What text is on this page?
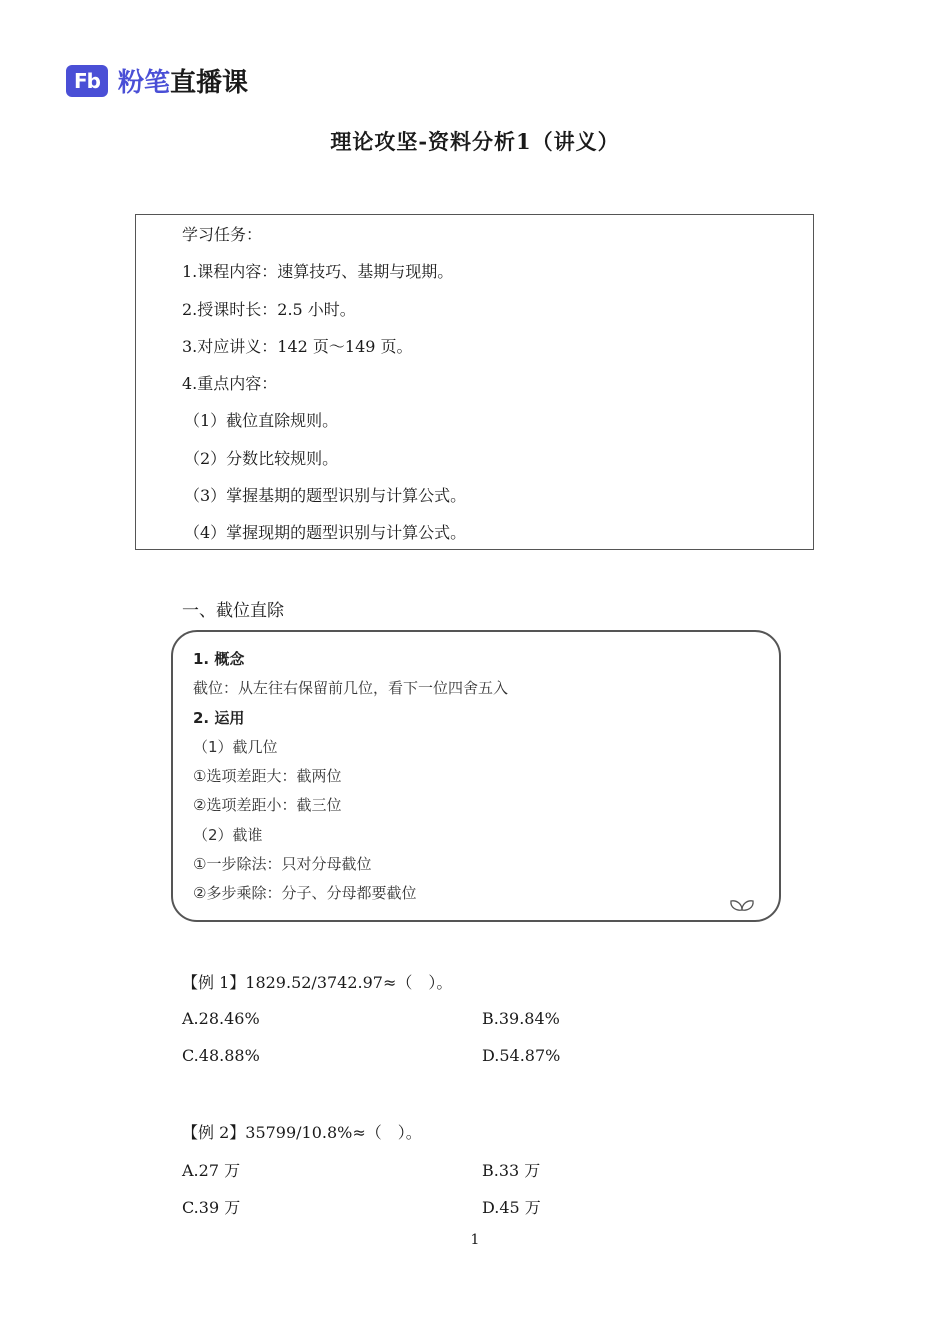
Fb 粉笔 直播课
理论攻坚-资料分析1（讲义）
学习任务：
1.课程内容：速算技巧、基期与现期。
2.授课时长：2.5 小时。
3.对应讲义：142 页～149 页。
4.重点内容：
（1）截位直除规则。
（2）分数比较规则。
（3）掌握基期的题型识别与计算公式。
（4）掌握现期的题型识别与计算公式。
一、截位直除
1. 概念
截位：从左往右保留前几位，看下一位四舍五入
2. 运用
（1）截几位
①选项差距大：截两位
②选项差距小：截三位
（2）截谁
①一步除法：只对分母截位
②多步乘除：分子、分母都要截位
【例 1】1829.52/3742.97≈（　）。
A.28.46%	B.39.84%
C.48.88%	D.54.87%
【例 2】35799/10.8%≈（　）。
A.27 万	B.33 万
C.39 万	D.45 万
1
